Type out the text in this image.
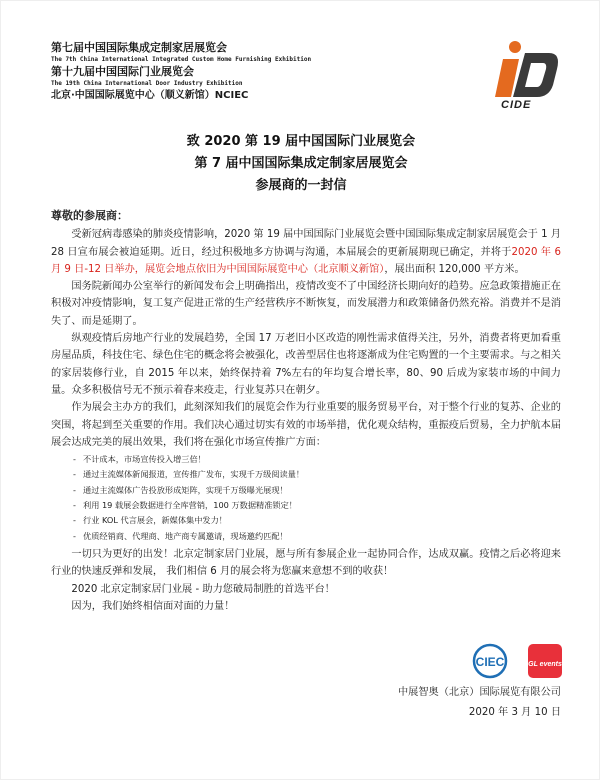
第七届中国国际集成定制家居展览会
The 7th China International Integrated Custom Home Furnishing Exhibition
第十九届中国国际门业展览会
The 19th China International Door Industry Exhibition
北京·中国国际展览中心（顺义新馆）NCIEC
CIDE
致 2020 第 19 届中国国际门业展览会
第 7 届中国国际集成定制家居展览会
参展商的一封信
尊敬的参展商：

受新冠病毒感染的肺炎疫情影响，2020 第 19 届中国国际门业展览会暨中国国际集成定制家居展览会于 1 月 28 日宣布展会被迫延期。近日，经过积极地多方协调与沟通，本届展会的更新展期现已确定，并将于2020 年 6 月 9 日-12 日举办，展览会地点依旧为中国国际展览中心（北京顺义新馆），展出面积 120,000 平方米。

国务院新闻办公室举行的新闻发布会上明确指出，疫情改变不了中国经济长期向好的趋势。应急政策措施正在积极对冲疫情影响，复工复产促进正常的生产经营秩序不断恢复，而发展潜力和政策储备仍然充裕。消费并不是消失了、而是延期了。

纵观疫情后房地产行业的发展趋势，全国 17 万老旧小区改造的刚性需求值得关注，另外，消费者将更加看重房屋品质，科技住宅、绿色住宅的概念将会被强化，改善型居住也将逐渐成为住宅购置的一个主要需求。与之相关的家居装修行业，自 2015 年以来，始终保持着 7%左右的年均复合增长率，80、90 后成为家装市场的中间力量。众多积极信号无不预示着春来疫走，行业复苏只在朝夕。

作为展会主办方的我们，此刻深知我们的展览会作为行业重要的服务贸易平台，对于整个行业的复苏、企业的突围，将起到至关重要的作用。我们决心通过切实有效的市场举措，优化观众结构，重振疫后贸易，全力护航本届展会达成完美的展出效果，我们将在强化市场宣传推广方面：

- 不计成本，市场宣传投入增三倍！
- 通过主流媒体新闻报道，宣传推广发布，实现千万级阅读量！
- 通过主流媒体广告投放形成矩阵，实现千万级曝光展现！
- 利用 19 载展会数据进行全库营销，100 万数据精准锁定！
- 行业 KOL 代言展会，新媒体集中发力！
- 优质经销商、代理商、地产商专属邀请，现场邀约匹配！

一切只为更好的出发！北京定制家居门业展，愿与所有参展企业一起协同合作，达成双赢。疫情之后必将迎来行业的快速反弹和发展， 我们相信 6 月的展会将为您赢来意想不到的收获！

2020 北京定制家居门业展 - 助力您破局制胜的首选平台！

因为，我们始终相信面对面的力量！

CIEC	GL events
中展智奥（北京）国际展览有限公司
2020 年 3 月 10 日
